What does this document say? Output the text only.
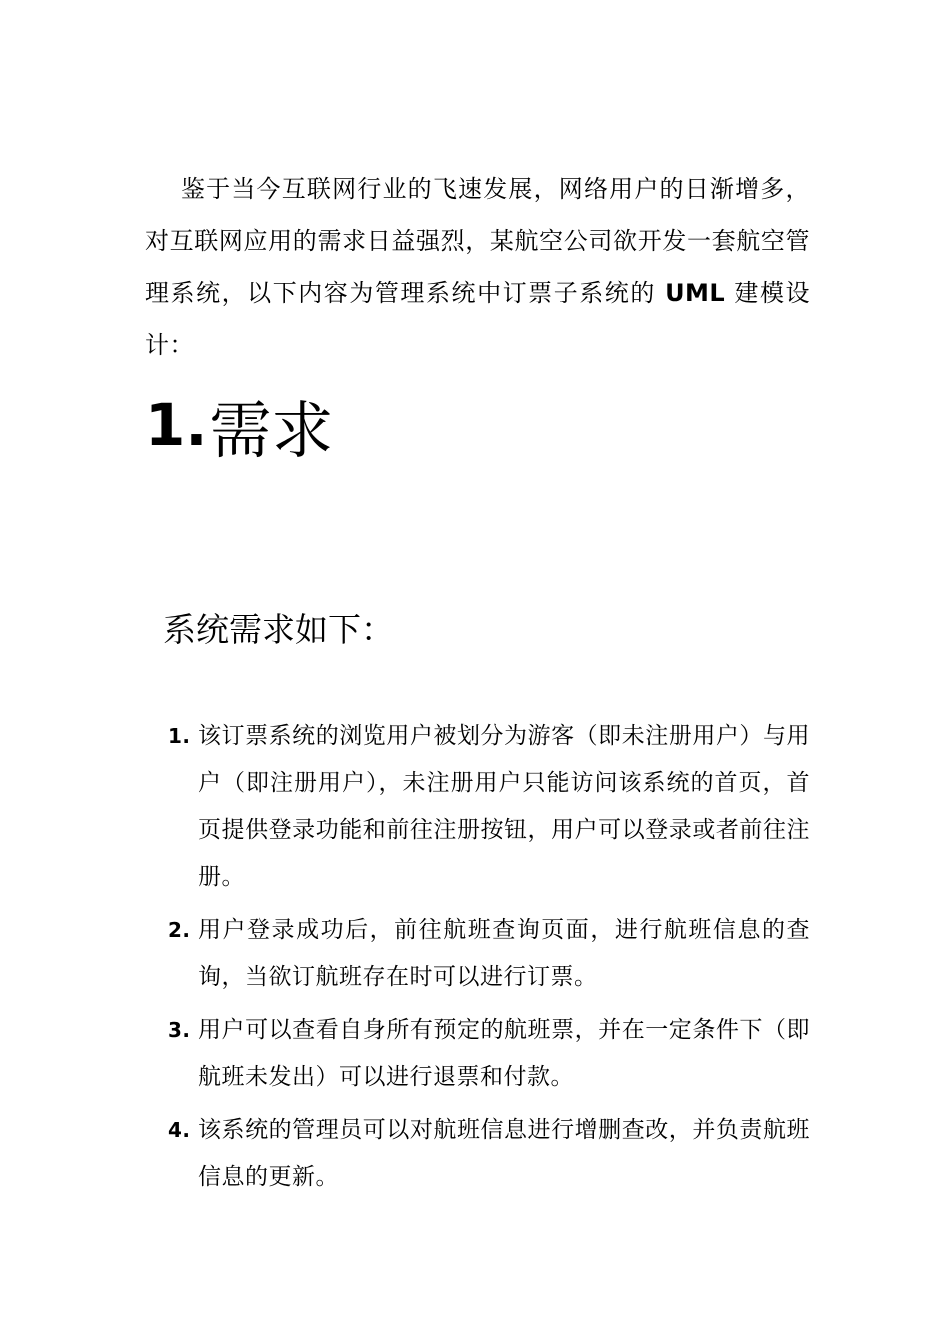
鉴于当今互联网行业的飞速发展，网络用户的日渐增多，对互联网应用的需求日益强烈，某航空公司欲开发一套航空管理系统，以下内容为管理系统中订票子系统的 UML 建模设计：

1. 需求
系统需求如下：
1. 该订票系统的浏览用户被划分为游客（即未注册用户）与用户（即注册用户），未注册用户只能访问该系统的首页，首页提供登录功能和前往注册按钮，用户可以登录或者前往注册。
2. 用户登录成功后，前往航班查询页面，进行航班信息的查询，当欲订航班存在时可以进行订票。
3. 用户可以查看自身所有预定的航班票，并在一定条件下（即航班未发出）可以进行退票和付款。
4. 该系统的管理员可以对航班信息进行增删查改，并负责航班信息的更新。
